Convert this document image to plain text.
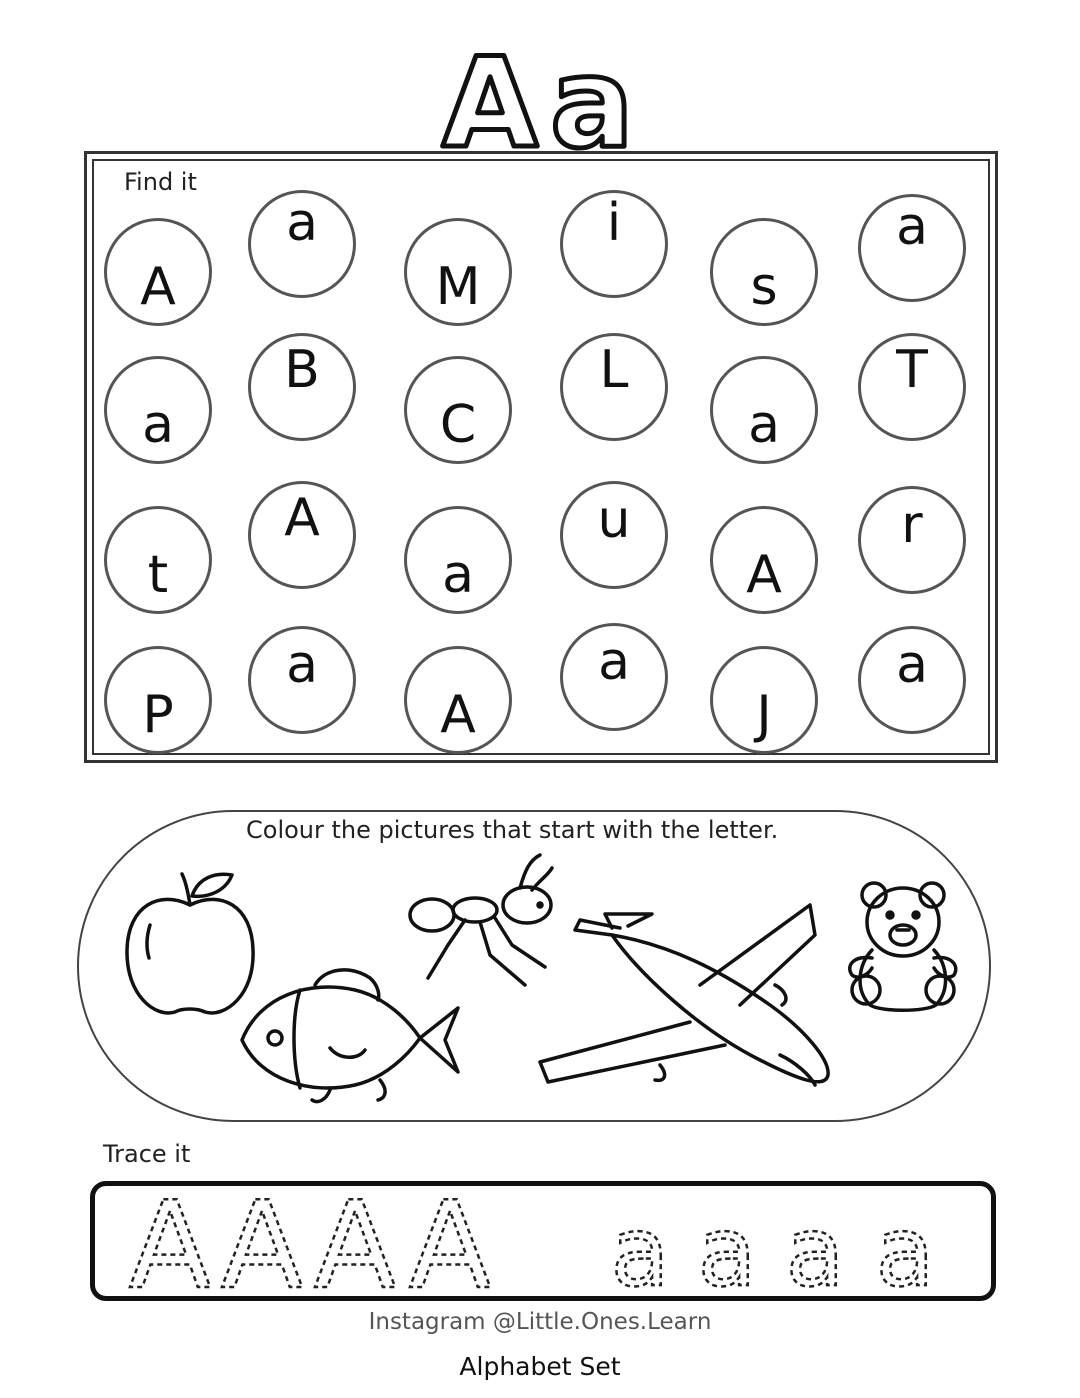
A a
Find it
A
a
M
i
s
a
a
B
C
L
a
T
t
A
a
u
A
r
P
a
A
a
J
a
Colour the pictures that start with the letter.
Trace it
A A A A a a a a
Instagram @Little.Ones.Learn
Alphabet Set
